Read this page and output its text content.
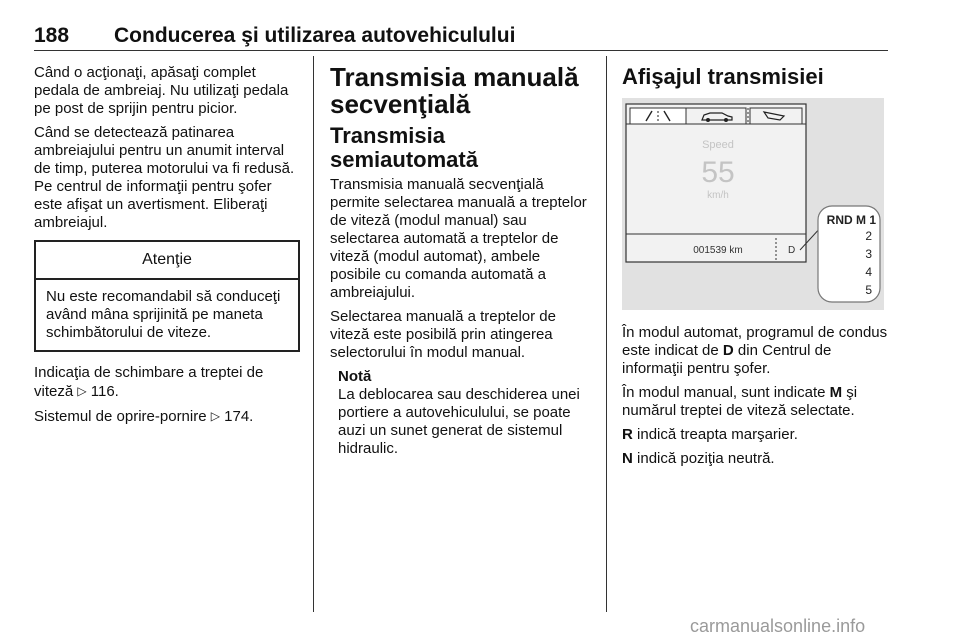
188 Conducerea şi utilizarea autovehiculului

Când o acţionaţi, apăsaţi complet pedala de ambreiaj. Nu utilizaţi pedala pe post de sprijin pentru picior.

Când se detectează patinarea ambreiajului pentru un anumit interval de timp, puterea motorului va fi redusă. Pe centrul de informaţii pentru şofer este afişat un avertisment. Eliberaţi ambreiajul.

Atenţie
Nu este recomandabil să conduceţi având mâna sprijinită pe maneta schimbătorului de viteze.

Indicaţia de schimbare a treptei de viteză ▷ 116.

Sistemul de oprire-pornire ▷ 174.

Transmisia manuală secvenţială
Transmisia semiautomată

Transmisia manuală secvenţială permite selectarea manuală a treptelor de viteză (modul manual) sau selectarea automată a treptelor de viteză (modul automat), ambele posibile cu comanda automată a ambreiajului.

Selectarea manuală a treptelor de viteză este posibilă prin atingerea selectorului în modul manual.

Notă

La deblocarea sau deschiderea unei portiere a autovehiculului, se poate auzi un sunet generat de sistemul hidraulic.

Afişajul transmisiei
Speed
55
km/h
001539 km	D
RND M 1
2
3
4
5

În modul automat, programul de condus este indicat de D din Centrul de informaţii pentru şofer.

În modul manual, sunt indicate M şi numărul treptei de viteză selectate.

R indică treapta marşarier.

N indică poziţia neutră.

carmanualsonline.info
